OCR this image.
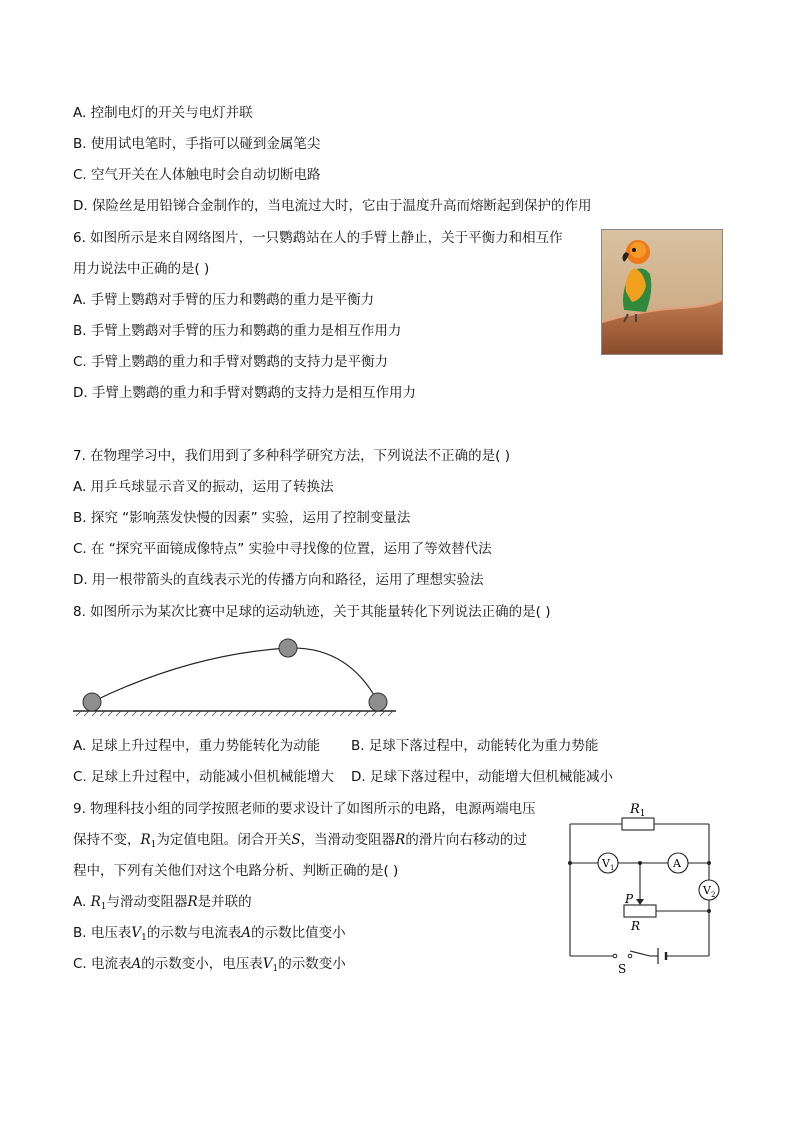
A. 控制电灯的开关与电灯并联
B. 使用试电笔时，手指可以碰到金属笔尖
C. 空气开关在人体触电时会自动切断电路
D. 保险丝是用铅锑合金制作的，当电流过大时，它由于温度升高而熔断起到保护的作用
6. 如图所示是来自网络图片，一只鹦鹉站在人的手臂上静止，关于平衡力和相互作
用力说法中正确的是( )
A. 手臂上鹦鹉对手臂的压力和鹦鹉的重力是平衡力
B. 手臂上鹦鹉对手臂的压力和鹦鹉的重力是相互作用力
C. 手臂上鹦鹉的重力和手臂对鹦鹉的支持力是平衡力
D. 手臂上鹦鹉的重力和手臂对鹦鹉的支持力是相互作用力
7. 在物理学习中，我们用到了多种科学研究方法，下列说法不正确的是( )
A. 用乒乓球显示音叉的振动，运用了转换法
B. 探究 “影响蒸发快慢的因素” 实验，运用了控制变量法
C. 在 “探究平面镜成像特点” 实验中寻找像的位置，运用了等效替代法
D. 用一根带箭头的直线表示光的传播方向和路径，运用了理想实验法
8. 如图所示为某次比赛中足球的运动轨迹，关于其能量转化下列说法正确的是( )
A. 足球上升过程中，重力势能转化为动能 B. 足球下落过程中，动能转化为重力势能
C. 足球上升过程中，动能减小但机械能增大 D. 足球下落过程中，动能增大但机械能减小
9. 物理科技小组的同学按照老师的要求设计了如图所示的电路，电源两端电压
保持不变，$R_1$为定值电阻。闭合开关S，当滑动变阻器R的滑片向右移动的过
程中，下列有关他们对这个电路分析、判断正确的是( )
A. $R_1$与滑动变阻器R是并联的
B. 电压表$V_1$的示数与电流表A的示数比值变小
C. 电流表A的示数变小，电压表$V_1$的示数变小
$R_1$
$V_1$	A
$V_2$
P
R
S
